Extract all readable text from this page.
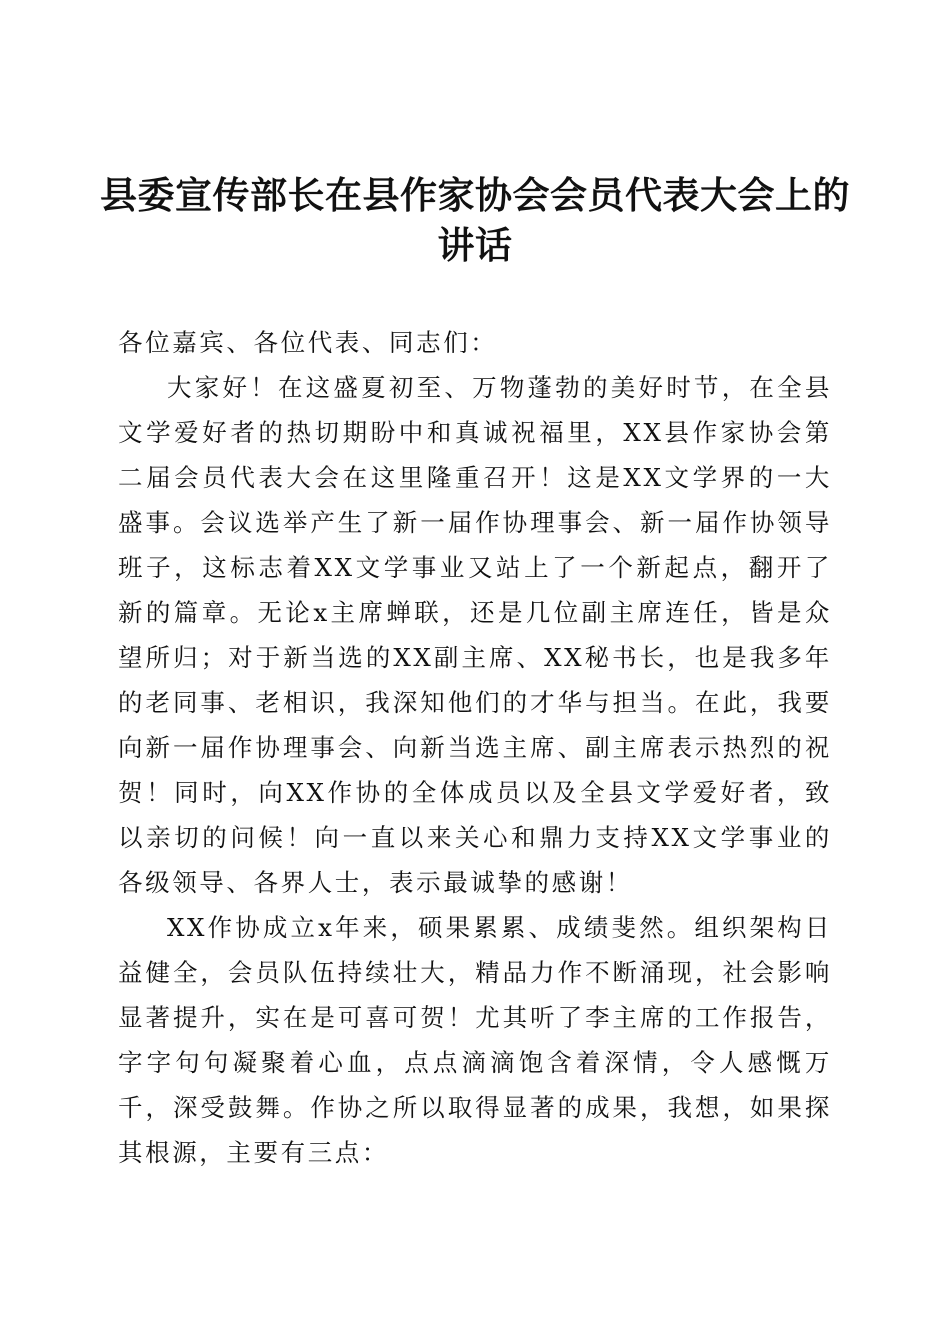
县委宣传部长在县作家协会会员代表大会上的
讲话

各位嘉宾、各位代表、同志们：

大家好！在这盛夏初至、万物蓬勃的美好时节，在全县文学爱好者的热切期盼中和真诚祝福里，XX县作家协会第二届会员代表大会在这里隆重召开！这是XX文学界的一大盛事。会议选举产生了新一届作协理事会、新一届作协领导班子，这标志着XX文学事业又站上了一个新起点，翻开了新的篇章。无论x主席蝉联，还是几位副主席连任，皆是众望所归；对于新当选的XX副主席、XX秘书长，也是我多年的老同事、老相识，我深知他们的才华与担当。在此，我要向新一届作协理事会、向新当选主席、副主席表示热烈的祝贺！同时，向XX作协的全体成员以及全县文学爱好者，致以亲切的问候！向一直以来关心和鼎力支持XX文学事业的各级领导、各界人士，表示最诚挚的感谢！

XX作协成立x年来，硕果累累、成绩斐然。组织架构日益健全，会员队伍持续壮大，精品力作不断涌现，社会影响显著提升，实在是可喜可贺！尤其听了李主席的工作报告，字字句句凝聚着心血，点点滴滴饱含着深情，令人感慨万千，深受鼓舞。作协之所以取得显著的成果，我想，如果探其根源，主要有三点：
